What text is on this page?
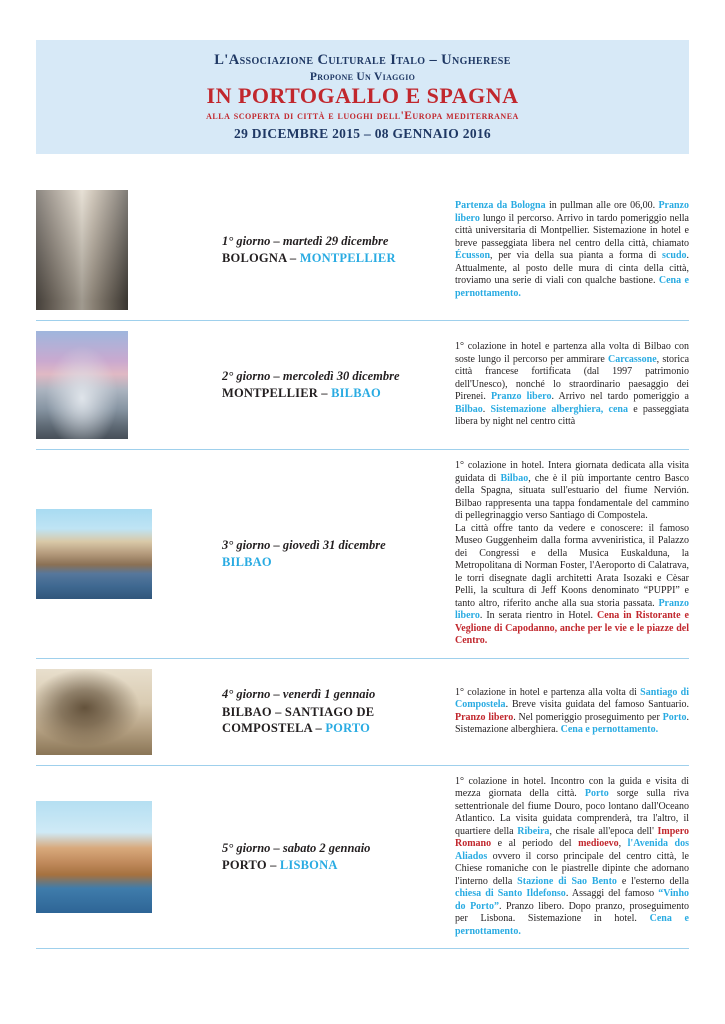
L'Associazione Culturale Italo – Ungherese
Propone Un Viaggio
IN PORTOGALLO E SPAGNA
alla scoperta di città e luoghi dell'Europa mediterranea
29 DICEMBRE 2015 – 08 GENNAIO 2016
1° giorno – martedì 29 dicembre
BOLOGNA – MONTPELLIER

Partenza da Bologna in pullman alle ore 06,00. Pranzo libero lungo il percorso. Arrivo in tardo pomeriggio nella città universitaria di Montpellier. Sistemazione in hotel e breve passeggiata libera nel centro della città, chiamato Écusson, per via della sua pianta a forma di scudo. Attualmente, al posto delle mura di cinta della città, troviamo una serie di viali con qualche bastione. Cena e pernottamento.

2° giorno – mercoledì 30 dicembre
MONTPELLIER – BILBAO

1° colazione in hotel e partenza alla volta di Bilbao con soste lungo il percorso per ammirare Carcassone, storica città francese fortificata (dal 1997 patrimonio dell'Unesco), nonché lo straordinario paesaggio dei Pirenei. Pranzo libero. Arrivo nel tardo pomeriggio a Bilbao. Sistemazione alberghiera, cena e passeggiata libera by night nel centro città

3° giorno – giovedì 31 dicembre
BILBAO

1° colazione in hotel. Intera giornata dedicata alla visita guidata di Bilbao, che è il più importante centro Basco della Spagna, situata sull'estuario del fiume Nervión. Bilbao rappresenta una tappa fondamentale del cammino di pellegrinaggio verso Santiago di Compostela.

La città offre tanto da vedere e conoscere: il famoso Museo Guggenheim dalla forma avveniristica, il Palazzo dei Congressi e della Musica Euskalduna, la Metropolitana di Norman Foster, l'Aeroporto di Calatrava, le torri disegnate dagli architetti Arata Isozaki e Cèsar Pelli, la scultura di Jeff Koons denominato “PUPPI” e tanto altro, riferito anche alla sua storia passata. Pranzo libero. In serata rientro in Hotel. Cena in Ristorante e Veglione di Capodanno, anche per le vie e le piazze del Centro.

4° giorno – venerdì 1 gennaio
BILBAO – SANTIAGO DE COMPOSTELA – PORTO

1° colazione in hotel e partenza alla volta di Santiago di Compostela. Breve visita guidata del famoso Santuario. Pranzo libero. Nel pomeriggio proseguimento per Porto. Sistemazione alberghiera. Cena e pernottamento.

5° giorno – sabato 2 gennaio
PORTO – LISBONA

1° colazione in hotel. Incontro con la guida e visita di mezza giornata della città. Porto sorge sulla riva settentrionale del fiume Douro, poco lontano dall'Oceano Atlantico. La visita guidata comprenderà, tra l'altro, il quartiere della Ribeira, che risale all'epoca dell' Impero Romano e al periodo del medioevo, l'Avenida dos Aliados ovvero il corso principale del centro città, le Chiese romaniche con le piastrelle dipinte che adornano l'interno della Stazione di Sao Bento e l'esterno della chiesa di Santo Ildefonso. Assaggi del famoso “Vinho do Porto”. Pranzo libero. Dopo pranzo, proseguimento per Lisbona. Sistemazione in hotel. Cena e pernottamento.
